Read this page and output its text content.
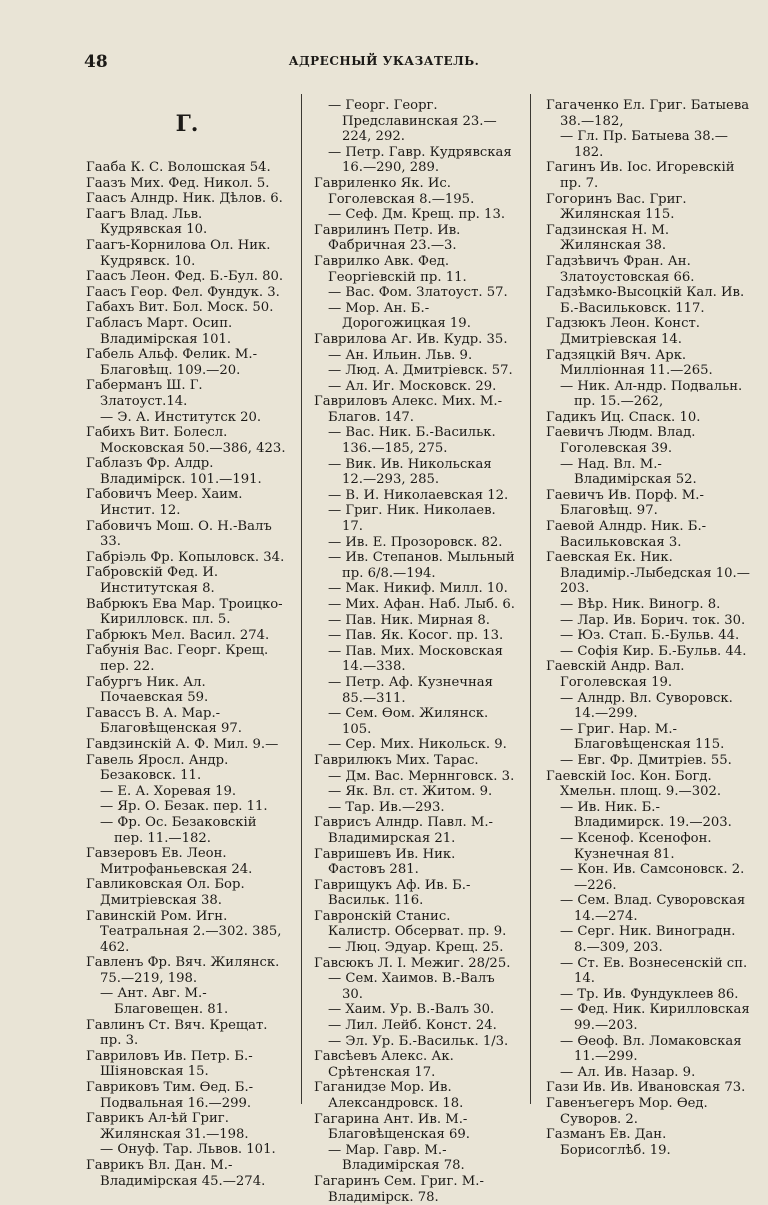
48	АДРЕСНЫЙ УКАЗАТЕЛЬ.
Г.

Гааба К. С. Волошская 54.

Гаазъ Мих. Фед. Никол. 5.

Гаасъ Алндр. Ник. Дѣлов. 6.

Гаагъ Влад. Льв. Кудрявская 10.

Гаагъ-Корнилова Ол. Ник. Кудрявск. 10.

Гаасъ Леон. Фед. Б.-Бул. 80.

Гаасъ Геор. Фел. Фундук. 3.

Габахъ Вит. Бол. Моск. 50.

Габласъ Март. Осип. Владимірская 101.

Габель Альф. Фелик. М.-Благовѣщ. 109.—20.

Габерманъ Ш. Г. Златоуст.14.

— Э. А. Институтск 20.

Габихъ Вит. Болесл. Московская 50.—386, 423.

Габлазъ Фр. Алдр. Владимірск. 101.—191.

Габовичъ Меер. Хаим. Инстит. 12.

Габовичъ Мош. О. Н.-Валъ 33.

Габріэль Фр. Копыловск. 34.

Габровскій Фед. И. Институтская 8.

Вабрюкъ Ева Мар. Троицко-Кирилловск. пл. 5.

Габрюкъ Мел. Васил. 274.

Габунія Вас. Георг. Крещ. пер. 22.

Габургъ Ник. Ал. Почаевская 59.

Гавассъ В. А. Мар.-Благовѣщенская 97.

Гавдзинскій А. Ф. Мил. 9.—

Гавель Яросл. Андр. Безаковск. 11.

— Е. А. Хоревая 19.

— Яр. О. Безак. пер. 11.

— Фр. Ос. Безаковскій пер. 11.—182.

Гавзеровъ Ев. Леон. Митрофаньевская 24.

Гавликовская Ол. Бор. Дмитріевская 38.

Гавинскій Ром. Игн. Театральная 2.—302. 385, 462.

Гавленъ Фр. Вяч. Жилянск. 75.—219, 198.

— Ант. Авг. М.-Благовещен. 81.

Гавлинъ Ст. Вяч. Крещат. пр. 3.

Гавриловъ Ив. Петр. Б.-Шіяновская 15.

Гавриковъ Тим. Ѳед. Б.-Подвальная 16.—299.

Гаврикъ Ал-ѣй Григ. Жилянская 31.—198.

— Онуф. Тар. Львов. 101.

Гаврикъ Вл. Дан. М.-Владимірская 45.—274.

— Георг. Георг. Предславинская 23.—224, 292.

— Петр. Гавр. Кудрявская 16.—290, 289.

Гавриленко Як. Ис. Гоголевская 8.—195.

— Сеф. Дм. Крещ. пр. 13.

Гаврилинъ Петр. Ив. Фабричная 23.—3.

Гаврилко Авк. Фед. Георгіевскій пр. 11.

— Вас. Фом. Златоуст. 57.

— Мор. Ан. Б.-Дорогожицкая 19.

Гаврилова Аг. Ив. Кудр. 35.

— Ан. Ильин. Льв. 9.

— Люд. А. Дмитріевск. 57.

— Ал. Иг. Московск. 29.

Гавриловъ Алекс. Мих. М.-Благов. 147.

— Вас. Ник. Б.-Васильк. 136.—185, 275.

— Вик. Ив. Никольская 12.—293, 285.

— В. И. Николаевская 12.

— Григ. Ник. Николаев. 17.

— Ив. Е. Прозоровск. 82.

— Ив. Степанов. Мыльный пр. 6/8.—194.

— Мак. Никиф. Милл. 10.

— Мих. Афан. Наб. Лыб. 6.

— Пав. Ник. Мирная 8.

— Пав. Як. Косог. пр. 13.

— Пав. Мих. Московская 14.—338.

— Петр. Аф. Кузнечная 85.—311.

— Сем. Ѳом. Жилянск. 105.

— Сер. Мих. Никольск. 9.

Гаврилюкъ Мих. Тарас.

— Дм. Вас. Мерннговск. 3.

— Як. Вл. ст. Житом. 9.

— Тар. Ив.—293.

Гаврисъ Алндр. Павл. М.-Владимирская 21.

Гавришевъ Ив. Ник. Фастовъ 281.

Гаврищукъ Аф. Ив. Б.-Васильк. 116.

Гавронскій Станис. Калистр. Обсерват. пр. 9.

— Люц. Эдуар. Крещ. 25.

Гавсюкъ Л. І. Межиг. 28/25.

— Сем. Хаимов. В.-Валъ 30.

— Хаим. Ур. В.-Валъ 30.

— Лил. Лейб. Конст. 24.

— Эл. Ур. Б.-Васильк. 1/3.

Гавсѣевъ Алекс. Ак. Срѣтенская 17.

Гаганидзе Мор. Ив. Александровск. 18.

Гагарина Ант. Ив. М.-Благовѣщенская 69.

— Мар. Гавр. М.-Владимірская 78.

Гагаринъ Сем. Григ. М.-Владимірск. 78.

Гагаченко Ел. Григ. Батыева 38.—182,

— Гл. Пр. Батыева 38.—182.

Гагинъ Ив. Іос. Игоревскій пр. 7.

Гогоринъ Вас. Григ. Жилянская 115.

Гадзинская Н. М. Жилянская 38.

Гадзѣвичъ Фран. Ан. Златоустовская 66.

Гадзѣмко-Высоцкій Кал. Ив. Б.-Васильковск. 117.

Гадзюкъ Леон. Конст. Дмитріевская 14.

Гадзяцкій Вяч. Арк. Милліонная 11.—265.

— Ник. Ал-ндр. Подвальн. пр. 15.—262,

Гадикъ Иц. Спаск. 10.

Гаевичъ Людм. Влад. Гоголевская 39.

— Над. Вл. М.-Владимірская 52.

Гаевичъ Ив. Порф. М.-Благовѣщ. 97.

Гаевой Алндр. Ник. Б.-Васильковская 3.

Гаевская Ек. Ник. Владимір.-Лыбедская 10.—203.

— Вѣр. Ник. Виногр. 8.

— Лар. Ив. Борич. ток. 30.

— Юз. Стап. Б.-Бульв. 44.

— Софія Кир. Б.-Бульв. 44.

Гаевскій Андр. Вал. Гоголевская 19.

— Алндр. Вл. Суворовск. 14.—299.

— Григ. Нар. М.-Благовѣщенская 115.

— Евг. Фр. Дмитріев. 55.

Гаевскій Іос. Кон. Богд. Хмельн. площ. 9.—302.

— Ив. Ник. Б.-Владимирск. 19.—203.

— Ксеноф. Ксенофон. Кузнечная 81.

— Кон. Ив. Самсоновск. 2.—226.

— Сем. Влад. Суворовская 14.—274.

— Серг. Ник. Виноградн. 8.—309, 203.

— Ст. Ев. Вознесенскій сп. 14.

— Тр. Ив. Фундуклеев 86.

— Фед. Ник. Кирилловская 99.—203.

— Ѳеоф. Вл. Ломаковская 11.—299.

— Ал. Ив. Назар. 9.

Гази Ив. Ив. Ивановская 73.

Гавенъегеръ Мор. Ѳед. Суворов. 2.

Газманъ Ев. Дан. Борисоглѣб. 19.
